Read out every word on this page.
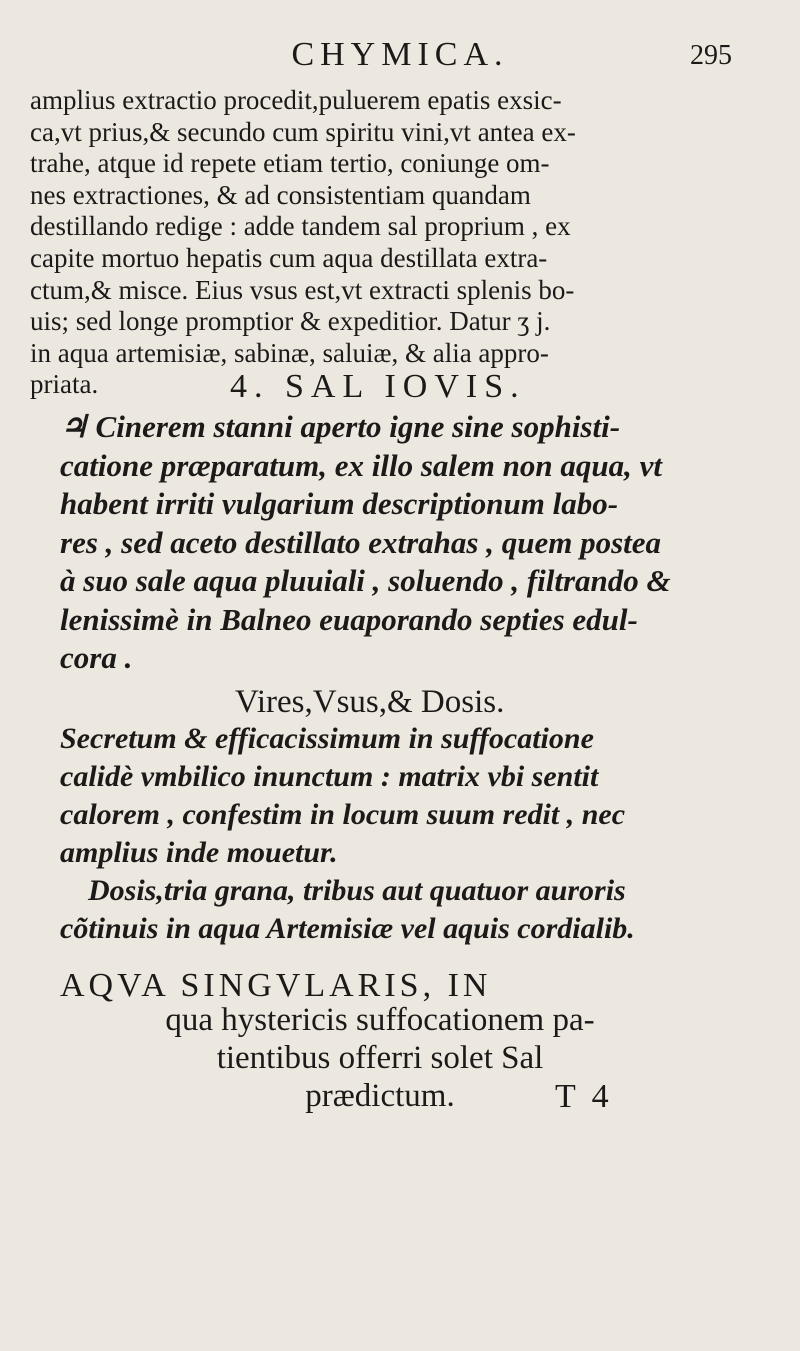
CHYMICA.	295
amplius extractio procedit,puluerem epatis exsic-
ca,vt prius,& secundo cum spiritu vini,vt antea ex-
trahe, atque id repete etiam tertio, coniunge om-
nes extractiones, & ad consistentiam quandam
destillando redige : adde tandem sal proprium , ex
capite mortuo hepatis cum aqua destillata extra-
ctum,& misce. Eius vsus est,vt extracti splenis bo-
uis; sed longe promptior & expeditior. Datur ʒ j.
in aqua artemisiæ, sabinæ, saluiæ, & alia appro-
priata.	4. SAL IOVIS.
♃ Cinerem stanni aperto igne sine sophisti-
catione præparatum, ex illo salem non aqua, vt
habent irriti vulgarium descriptionum labo-
res , sed aceto destillato extrahas , quem postea
à suo sale aqua pluuiali , soluendo , filtrando &
lenissimè in Balneo euaporando septies edul-
cora .
Vires,Vsus,& Dosis.
Secretum & efficacissimum in suffocatione
calidè vmbilico inunctum : matrix vbi sentit
calorem , confestim in locum suum redit , nec
amplius inde mouetur.
Dosis,tria grana, tribus aut quatuor auroris
cõtinuis in aqua Artemisiæ vel aquis cordialib.
AQVA SINGVLARIS, IN
qua hystericis suffocationem pa-
tientibus offerri solet Sal
prædictum.	T 4
